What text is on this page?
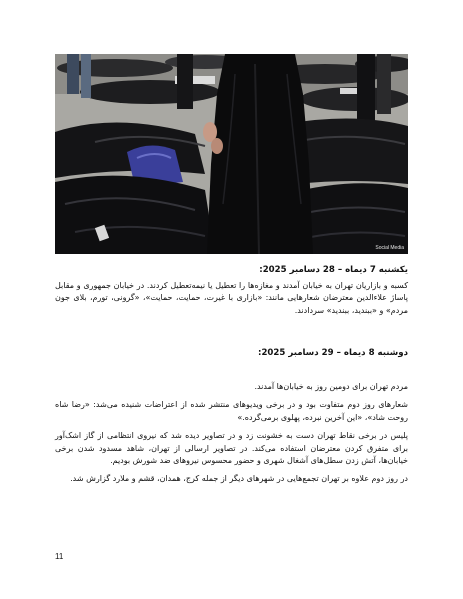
Social Media
یکشنبه 7 دیماه – 28 دسامبر 2025:
کسبه و بازاریان تهران به خیابان آمدند و مغازه‌ها را تعطیل یا نیمه‌تعطیل کردند. در خیابان جمهوری و مقابل پاساژ علاءالدین معترضان شعارهایی مانند: «بازاری با غیرت، حمایت، حمایت»، «گرونی، تورم، بلای جون مردم» و «ببندید، ببندید» سردادند.
دوشنبه 8 دیماه – 29 دسامبر 2025:
مردم تهران برای دومین روز به خیابان‌ها آمدند.
شعارهای روز دوم متفاوت بود و در برخی ویدیوهای منتشر شده از اعتراضات شنیده می‌شد: «رضا شاه روحت شاد»، «این آخرین نبرده، پهلوی برمی‌گرده.»
پلیس در برخی نقاط تهران دست به خشونت زد و در تصاویر دیده شد که نیروی انتظامی از گاز اشک‌آور برای متفرق کردن معترضان استفاده می‌کند. در تصاویر ارسالی از تهران، شاهد مسدود شدن برخی خیابان‌ها، آتش زدن سطل‌های آشغال شهری و حضور محسوس نیروهای ضد شورش بودیم.
در روز دوم علاوه بر تهران تجمع‌هایی در شهرهای دیگر از جمله کرج، همدان، قشم و ملارد گزارش شد.
11
